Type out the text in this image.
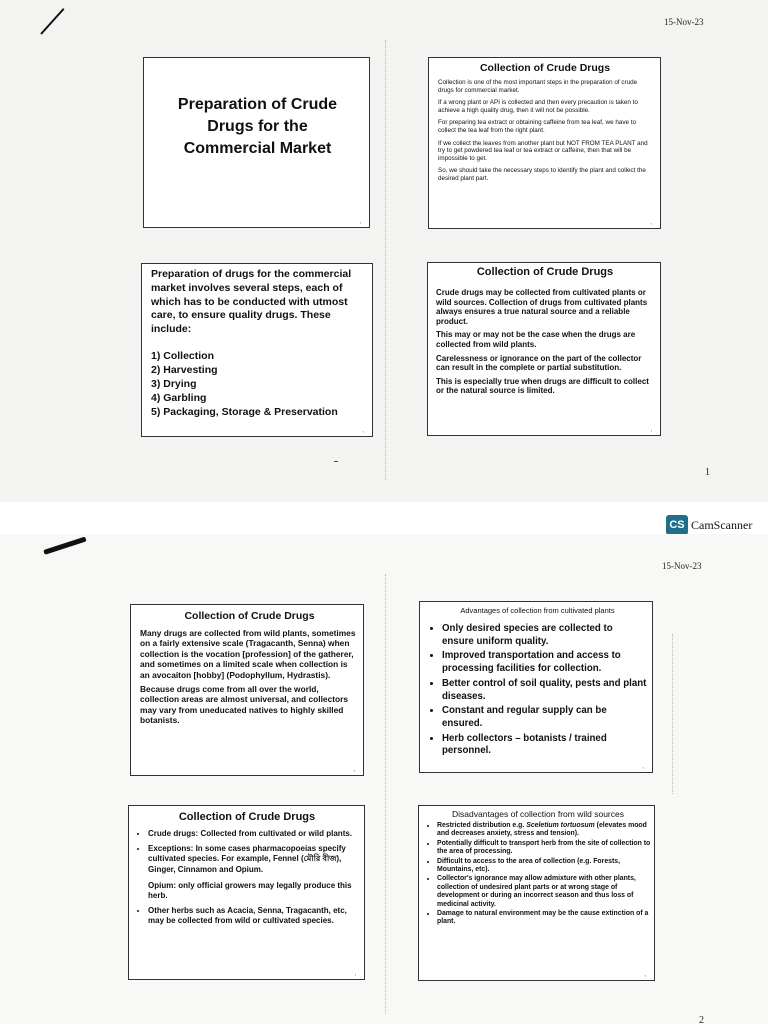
15-Nov-23
Preparation of Crude Drugs for the Commercial Market
,
Collection of Crude Drugs

Collection is one of the most important steps in the preparation of crude drugs for commercial market.

If a wrong plant or API is collected and then every precaution is taken to achieve a high quality drug, then it will not be possible.

For preparing tea extract or obtaining caffeine from tea leaf, we have to collect the tea leaf from the right plant.

If we collect the leaves from another plant but NOT FROM TEA PLANT and try to get powdered tea leaf or tea extract or caffeine, then that will be impossible to get.

So, we should take the necessary steps to identify the plant and collect the desired plant part.

,
Preparation of drugs for the commercial market involves several steps, each of which has to be conducted with utmost care, to ensure quality drugs. These include:
1) Collection
2) Harvesting
3) Drying
4) Garbling
5) Packaging, Storage & Preservation
,
Collection of Crude Drugs

Crude drugs may be collected from cultivated plants or wild sources. Collection of drugs from cultivated plants always ensures a true natural source and a reliable product.

This may or may not be the case when the drugs are collected from wild plants.

Carelessness or ignorance on the part of the collector can result in the complete or partial substitution.

This is especially true when drugs are difficult to collect or the natural source is limited.

,
1
CS CamScanner
15-Nov-23
Collection of Crude Drugs

Many drugs are collected from wild plants, sometimes on a fairly extensive scale (Tragacanth, Senna) when collection is the vocation [profession] of the gatherer, and sometimes on a limited scale when collection is an avocaiton [hobby] (Podophyllum, Hydrastis).

Because drugs come from all over the world, collection areas are almost universal, and collectors may vary from uneducated natives to highly skilled botanists.

,
Advantages of collection from cultivated plants
• Only desired species are collected to ensure uniform quality.
• Improved transportation and access to processing facilities for collection.
• Better control of soil quality, pests and plant diseases.
• Constant and regular supply can be ensured.
• Herb collectors – botanists / trained personnel.
,
Collection of Crude Drugs
• Crude drugs: Collected from cultivated or wild plants.
• Exceptions: In some cases pharmacopoeias specify cultivated species. For example, Fennel (মৌরি বীজ), Ginger, Cinnamon and Opium.
Opium: only official growers may legally produce this herb.
• Other herbs such as Acacia, Senna, Tragacanth, etc, may be collected from wild or cultivated species.
,
Disadvantages of collection from wild sources
• Restricted distribution e.g. Sceletium tortuosum (elevates mood and decreases anxiety, stress and tension).
• Potentially difficult to transport herb from the site of collection to the area of processing.
• Difficult to access to the area of collection (e.g. Forests, Mountains, etc).
• Collector's ignorance may allow admixture with other plants, collection of undesired plant parts or at wrong stage of development or during an incorrect season and thus loss of medicinal activity.
• Damage to natural environment may be the cause extinction of a plant.
,
2
